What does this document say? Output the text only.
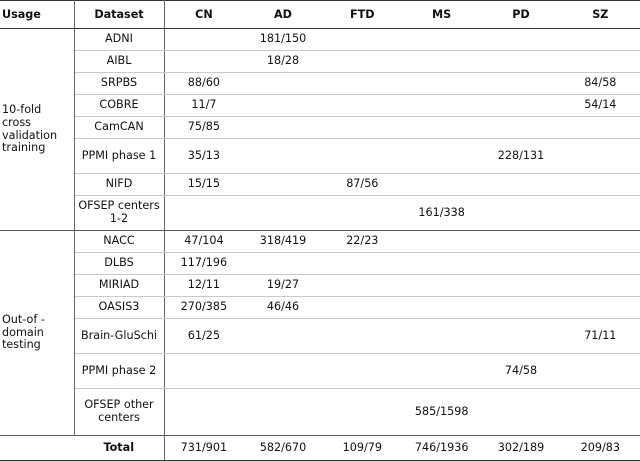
Usage	Dataset	CN	AD	FTD	MS	PD	SZ
10-fold cross validation training	ADNI		181/150				
	AIBL		18/28				
	SRPBS	88/60					84/58
	COBRE	11/7					54/14
	CamCAN	75/85					
	PPMI phase 1	35/13				228/131	
	NIFD	15/15		87/56			
	OFSEP centers 1-2				161/338		
Out-of -domain testing	NACC	47/104	318/419	22/23			
	DLBS	117/196					
	MIRIAD	12/11	19/27				
	OASIS3	270/385	46/46				
	Brain-GluSchi	61/25					71/11
	PPMI phase 2					74/58	
	OFSEP other centers				585/1598		
	Total	731/901	582/670	109/79	746/1936	302/189	209/83
